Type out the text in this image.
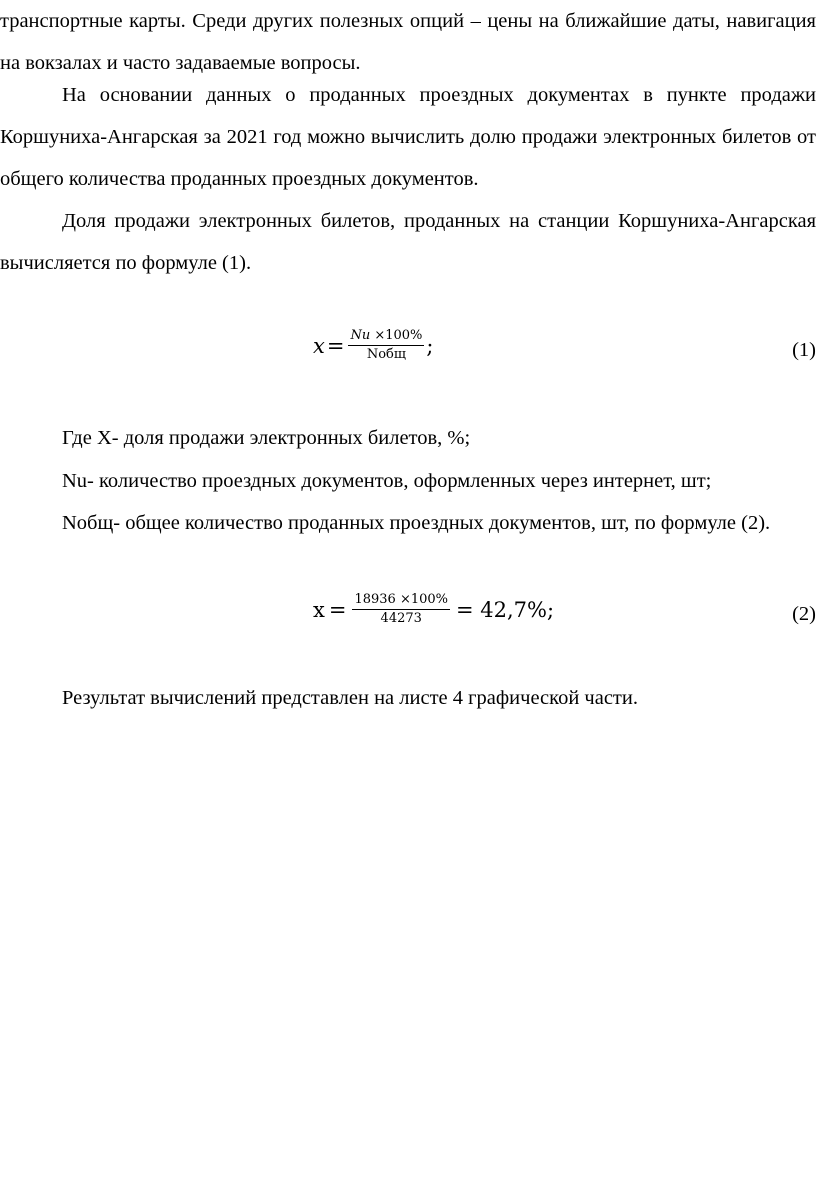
транспортные карты. Среди других полезных опций – цены на ближайшие даты, навигация на вокзалах и часто задаваемые вопросы.

На основании данных о проданных проездных документах в пункте продажи Коршуниха-Ангарская за 2021 год можно вычислить долю продажи электронных билетов от общего количества проданных проездных документов.

Доля продажи электронных билетов, проданных на станции Коршуниха-Ангарская вычисляется по формуле (1).

$x = \frac{Nu \times 100\%}{\text{Nобщ}}$ ;	(1)

Где Х- доля продажи электронных билетов, %;

Nu- количество проездных документов, оформленных через интернет, шт;

Nобщ- общее количество проданных проездных документов, шт, по формуле (2).

$x = \frac{18936 \times 100\%}{44273} = 42,7\%$;	(2)

Результат вычислений представлен на листе 4 графической части.
